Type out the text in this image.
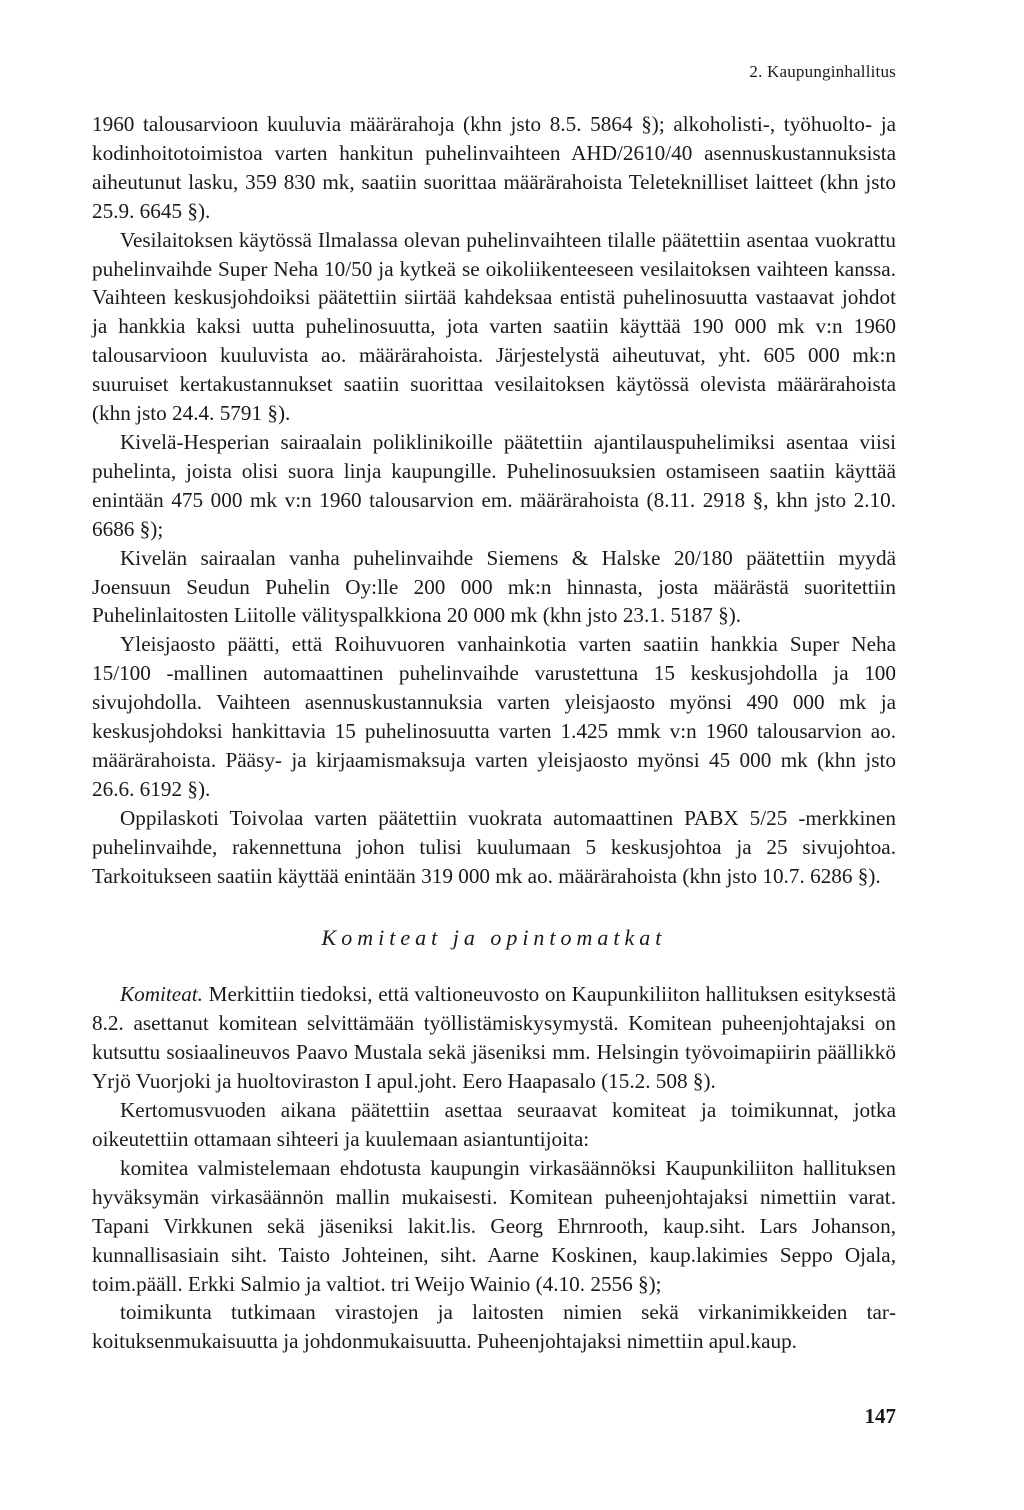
2. Kaupunginhallitus

1960 talousarvioon kuuluvia määrärahoja (khn jsto 8.5. 5864 §); alkoholisti-, työhuolto- ja kodinhoitotoimistoa varten hankitun puhelinvaihteen AHD/2610/40 asennuskustannuksista aiheutunut lasku, 359 830 mk, saatiin suorittaa määrärahoista Teleteknilliset laitteet (khn jsto 25.9. 6645 §).

Vesilaitoksen käytössä Ilmalassa olevan puhelinvaihteen tilalle päätettiin asentaa vuokrattu puhelinvaihde Super Neha 10/50 ja kytkeä se oikoliikenteeseen vesilaitoksen vaihteen kanssa. Vaihteen keskusjohdoiksi päätettiin siirtää kahdeksaa entistä puhelinosuutta vastaavat johdot ja hankkia kaksi uutta puhelinosuutta, jota varten saatiin käyttää 190 000 mk v:n 1960 talousarvioon kuuluvista ao. määrärahoista. Järjestelystä aiheutuvat, yht. 605 000 mk:n suuruiset kertakustannukset saatiin suorittaa vesilaitoksen käytössä olevista määrärahoista (khn jsto 24.4. 5791 §).

Kivelä-Hesperian sairaalain poliklinikoille päätettiin ajantilauspuhelimiksi asentaa viisi puhelinta, joista olisi suora linja kaupungille. Puhelinosuuksien ostamiseen saatiin käyttää enintään 475 000 mk v:n 1960 talousarvion em. määrärahoista (8.11. 2918 §, khn jsto 2.10. 6686 §);

Kivelän sairaalan vanha puhelinvaihde Siemens & Halske 20/180 päätettiin myydä Joensuun Seudun Puhelin Oy:lle 200 000 mk:n hinnasta, josta määrästä suoritettiin Puhelinlaitosten Liitolle välityspalkkiona 20 000 mk (khn jsto 23.1. 5187 §).

Yleisjaosto päätti, että Roihuvuoren vanhainkotia varten saatiin hankkia Super Neha 15/100 -mallinen automaattinen puhelinvaihde varustettuna 15 keskusjohdolla ja 100 sivujohdolla. Vaihteen asennuskustannuksia varten yleisjaosto myönsi 490 000 mk ja keskusjohdoksi hankittavia 15 puhelinosuutta varten 1.425 mmk v:n 1960 talousarvion ao. määrärahoista. Pääsy- ja kirjaamismaksuja varten yleisjaosto myönsi 45 000 mk (khn jsto 26.6. 6192 §).

Oppilaskoti Toivolaa varten päätettiin vuokrata automaattinen PABX 5/25 -merkkinen puhelinvaihde, rakennettuna johon tulisi kuulumaan 5 keskusjohtoa ja 25 sivujohtoa. Tarkoitukseen saatiin käyttää enintään 319 000 mk ao. määrärahoista (khn jsto 10.7. 6286 §).

Komiteat ja opintomatkat

Komiteat. Merkittiin tiedoksi, että valtioneuvosto on Kaupunkiliiton hallituksen esityksestä 8.2. asettanut komitean selvittämään työllistämiskysymystä. Komitean puheenjohtajaksi on kutsuttu sosiaalineuvos Paavo Mustala sekä jäseniksi mm. Helsingin työvoimapiirin päällikkö Yrjö Vuorjoki ja huoltoviraston I apul.joht. Eero Haapasalo (15.2. 508 §).

Kertomusvuoden aikana päätettiin asettaa seuraavat komiteat ja toimikunnat, jotka oikeutettiin ottamaan sihteeri ja kuulemaan asiantuntijoita:

komitea valmistelemaan ehdotusta kaupungin virkasäännöksi Kaupunkiliiton hallituksen hyväksymän virkasäännön mallin mukaisesti. Komitean puheenjohtajaksi nimettiin varat. Tapani Virkkunen sekä jäseniksi lakit.lis. Georg Ehrnrooth, kaup.siht. Lars Johanson, kunnallisasiain siht. Taisto Johteinen, siht. Aarne Koskinen, kaup.lakimies Seppo Ojala, toim.pääll. Erkki Salmio ja valtiot. tri Weijo Wainio (4.10. 2556 §);

toimikunta tutkimaan virastojen ja laitosten nimien sekä virkanimikkeiden tarkoituksenmukaisuutta ja johdonmukaisuutta. Puheenjohtajaksi nimettiin apul.kaup.

147
